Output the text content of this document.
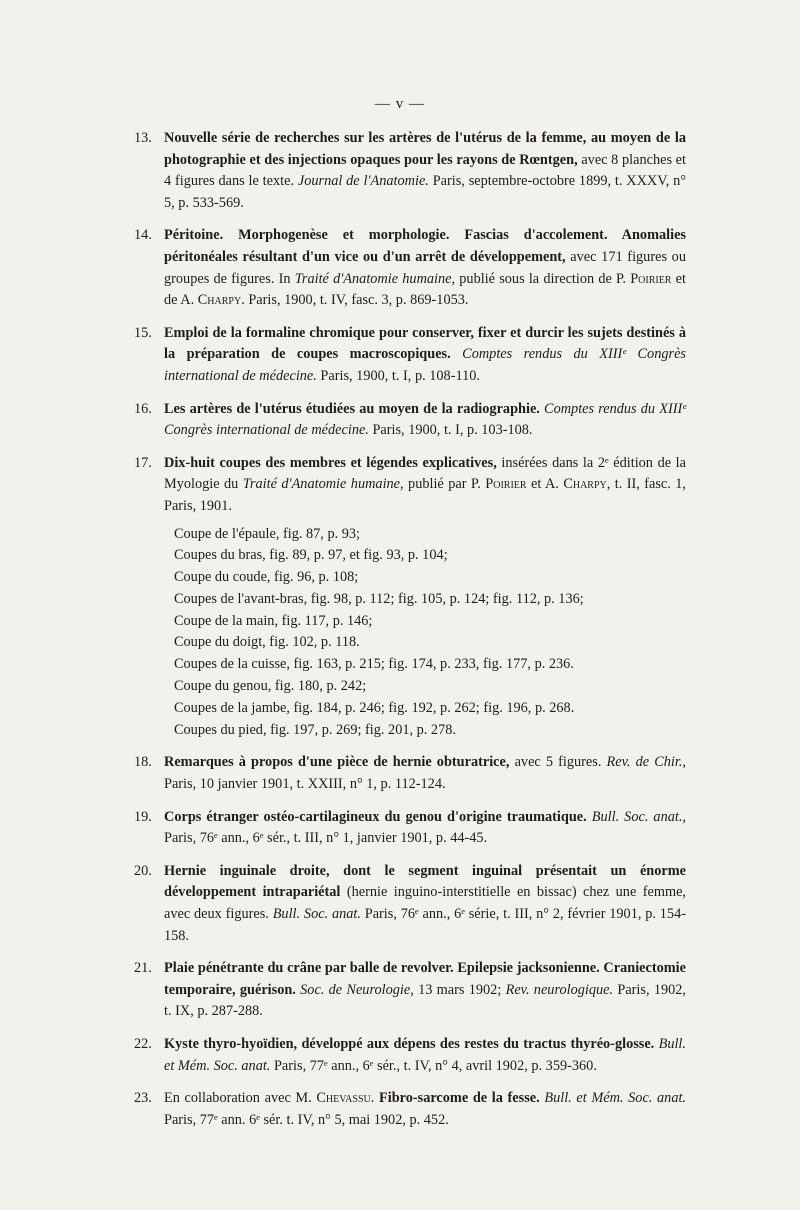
— v —
13. Nouvelle série de recherches sur les artères de l'utérus de la femme, au moyen de la photographie et des injections opaques pour les rayons de Rœntgen, avec 8 planches et 4 figures dans le texte. Journal de l'Anatomie. Paris, septembre-octobre 1899, t. XXXV, n° 5, p. 533-569.
14. Péritoine. Morphogenèse et morphologie. Fascias d'accolement. Anomalies péritonéales résultant d'un vice ou d'un arrêt de développement, avec 171 figures ou groupes de figures. In Traité d'Anatomie humaine, publié sous la direction de P. Poirier et de A. Charpy. Paris, 1900, t. IV, fasc. 3, p. 869-1053.
15. Emploi de la formaline chromique pour conserver, fixer et durcir les sujets destinés à la préparation de coupes macroscopiques. Comptes rendus du XIIIᵉ Congrès international de médecine. Paris, 1900, t. I, p. 108-110.
16. Les artères de l'utérus étudiées au moyen de la radiographie. Comptes rendus du XIIIᵉ Congrès international de médecine. Paris, 1900, t. I, p. 103-108.
17. Dix-huit coupes des membres et légendes explicatives, insérées dans la 2ᵉ édition de la Myologie du Traité d'Anatomie humaine, publié par P. Poirier et A. Charpy, t. II, fasc. 1, Paris, 1901.
Coupe de l'épaule, fig. 87, p. 93;
Coupes du bras, fig. 89, p. 97, et fig. 93, p. 104;
Coupe du coude, fig. 96, p. 108;
Coupes de l'avant-bras, fig. 98, p. 112; fig. 105, p. 124; fig. 112, p. 136;
Coupe de la main, fig. 117, p. 146;
Coupe du doigt, fig. 102, p. 118.
Coupes de la cuisse, fig. 163, p. 215; fig. 174, p. 233, fig. 177, p. 236.
Coupe du genou, fig. 180, p. 242;
Coupes de la jambe, fig. 184, p. 246; fig. 192, p. 262; fig. 196, p. 268.
Coupes du pied, fig. 197, p. 269; fig. 201, p. 278.
18. Remarques à propos d'une pièce de hernie obturatrice, avec 5 figures. Rev. de Chir., Paris, 10 janvier 1901, t. XXIII, n° 1, p. 112-124.
19. Corps étranger ostéo-cartilagineux du genou d'origine traumatique. Bull. Soc. anat., Paris, 76ᵉ ann., 6ᵉ sér., t. III, n° 1, janvier 1901, p. 44-45.
20. Hernie inguinale droite, dont le segment inguinal présentait un énorme développement intrapariétal (hernie inguino-interstitielle en bissac) chez une femme, avec deux figures. Bull. Soc. anat. Paris, 76ᵉ ann., 6ᵉ série, t. III, n° 2, février 1901, p. 154-158.
21. Plaie pénétrante du crâne par balle de revolver. Epilepsie jacksonienne. Craniectomie temporaire, guérison. Soc. de Neurologie, 13 mars 1902; Rev. neurologique. Paris, 1902, t. IX, p. 287-288.
22. Kyste thyro-hyoïdien, développé aux dépens des restes du tractus thyréo-glosse. Bull. et Mém. Soc. anat. Paris, 77ᵉ ann., 6ᵉ sér., t. IV, n° 4, avril 1902, p. 359-360.
23. En collaboration avec M. Chevassu. Fibro-sarcome de la fesse. Bull. et Mém. Soc. anat. Paris, 77ᵉ ann. 6ᵉ sér. t. IV, n° 5, mai 1902, p. 452.
